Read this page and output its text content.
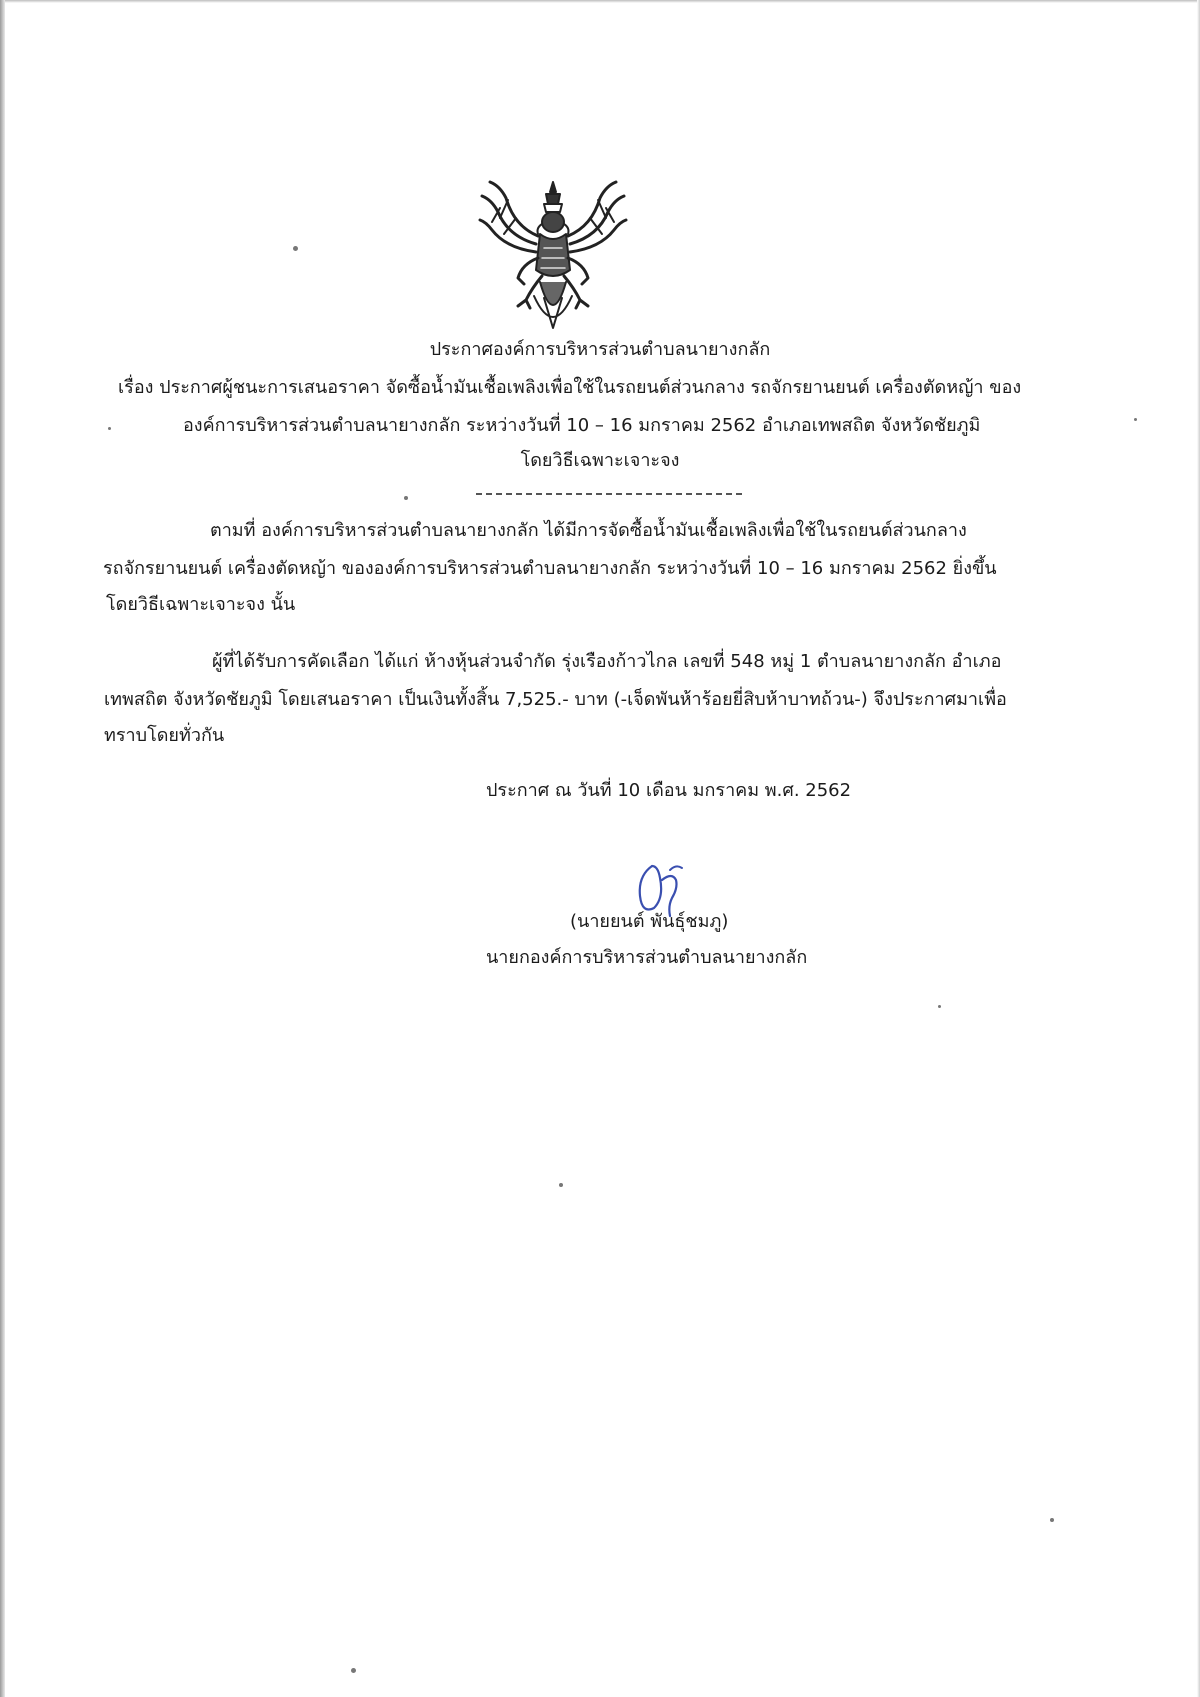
ประกาศองค์การบริหารส่วนตำบลนายางกลัก
เรื่อง ประกาศผู้ชนะการเสนอราคา จัดซื้อน้ำมันเชื้อเพลิงเพื่อใช้ในรถยนต์ส่วนกลาง รถจักรยานยนต์ เครื่องตัดหญ้า ของ
องค์การบริหารส่วนตำบลนายางกลัก ระหว่างวันที่ 10 – 16 มกราคม 2562 อำเภอเทพสถิต จังหวัดชัยภูมิ
โดยวิธีเฉพาะเจาะจง
ตามที่ องค์การบริหารส่วนตำบลนายางกลัก ได้มีการจัดซื้อน้ำมันเชื้อเพลิงเพื่อใช้ในรถยนต์ส่วนกลาง
รถจักรยานยนต์ เครื่องตัดหญ้า ขององค์การบริหารส่วนตำบลนายางกลัก ระหว่างวันที่ 10 – 16 มกราคม 2562 ยิ่งขึ้น
โดยวิธีเฉพาะเจาะจง นั้น
ผู้ที่ได้รับการคัดเลือก ได้แก่ ห้างหุ้นส่วนจำกัด รุ่งเรืองก้าวไกล เลขที่ 548 หมู่ 1 ตำบลนายางกลัก อำเภอ
เทพสถิต จังหวัดชัยภูมิ โดยเสนอราคา เป็นเงินทั้งสิ้น 7,525.- บาท (-เจ็ดพันห้าร้อยยี่สิบห้าบาทถ้วน-) จึงประกาศมาเพื่อ
ทราบโดยทั่วกัน
ประกาศ ณ วันที่ 10 เดือน มกราคม พ.ศ. 2562
(นายยนต์ พันธุ์ชมภู)
นายกองค์การบริหารส่วนตำบลนายางกลัก
